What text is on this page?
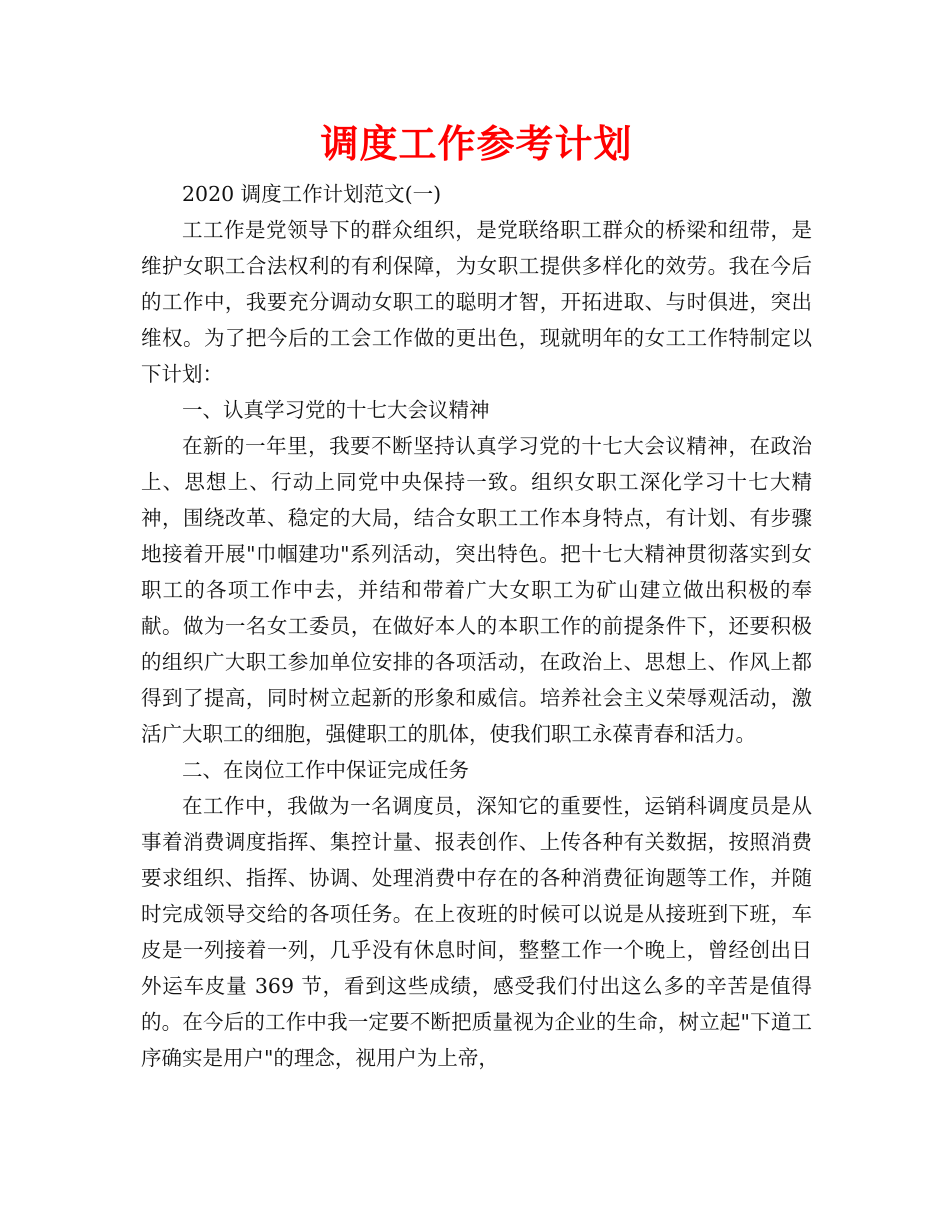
调度工作参考计划

2020 调度工作计划范文(一)

工工作是党领导下的群众组织，是党联络职工群众的桥梁和纽带，是维护女职工合法权利的有利保障，为女职工提供多样化的效劳。我在今后的工作中，我要充分调动女职工的聪明才智，开拓进取、与时俱进，突出维权。为了把今后的工会工作做的更出色，现就明年的女工工作特制定以下计划：

一、认真学习党的十七大会议精神

在新的一年里，我要不断坚持认真学习党的十七大会议精神，在政治上、思想上、行动上同党中央保持一致。组织女职工深化学习十七大精神，围绕改革、稳定的大局，结合女职工工作本身特点，有计划、有步骤地接着开展"巾帼建功"系列活动，突出特色。把十七大精神贯彻落实到女职工的各项工作中去，并结和带着广大女职工为矿山建立做出积极的奉献。做为一名女工委员，在做好本人的本职工作的前提条件下，还要积极的组织广大职工参加单位安排的各项活动，在政治上、思想上、作风上都得到了提高，同时树立起新的形象和威信。培养社会主义荣辱观活动，激活广大职工的细胞，强健职工的肌体，使我们职工永葆青春和活力。

二、在岗位工作中保证完成任务

在工作中，我做为一名调度员，深知它的重要性，运销科调度员是从事着消费调度指挥、集控计量、报表创作、上传各种有关数据，按照消费要求组织、指挥、协调、处理消费中存在的各种消费征询题等工作，并随时完成领导交给的各项任务。在上夜班的时候可以说是从接班到下班，车皮是一列接着一列，几乎没有休息时间，整整工作一个晚上，曾经创出日外运车皮量 369 节，看到这些成绩，感受我们付出这么多的辛苦是值得的。在今后的工作中我一定要不断把质量视为企业的生命，树立起"下道工序确实是用户"的理念，视用户为上帝，
